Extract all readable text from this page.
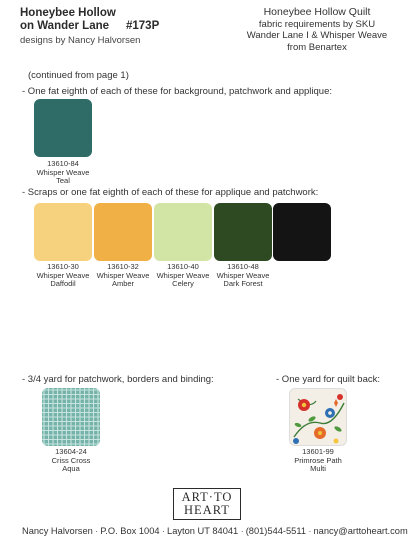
Honeybee Hollow
on Wander Lane #173P
designs by Nancy Halvorsen
Honeybee Hollow Quilt
fabric requirements by SKU
Wander Lane I & Whisper Weave
from Benartex
(continued from page 1)
- One fat eighth of each of these for background, patchwork and applique:
13610-84
Whisper Weave
Teal
- Scraps or one fat eighth of each of these for applique and patchwork:
13610-30
Whisper Weave
Daffodil
13610-32
Whisper Weave
Amber
13610-40
Whisper Weave
Celery
13610-48
Whisper Weave
Dark Forest
- 3/4 yard for patchwork, borders and binding:	- One yard for quilt back:
13604-24
Criss Cross
Aqua
13601-99
Primrose Path
Multi
ART·TO
HEART
Nancy Halvorsen · P.O. Box 1004 · Layton UT 84041 · (801)544-5511 · nancy@arttoheart.com
